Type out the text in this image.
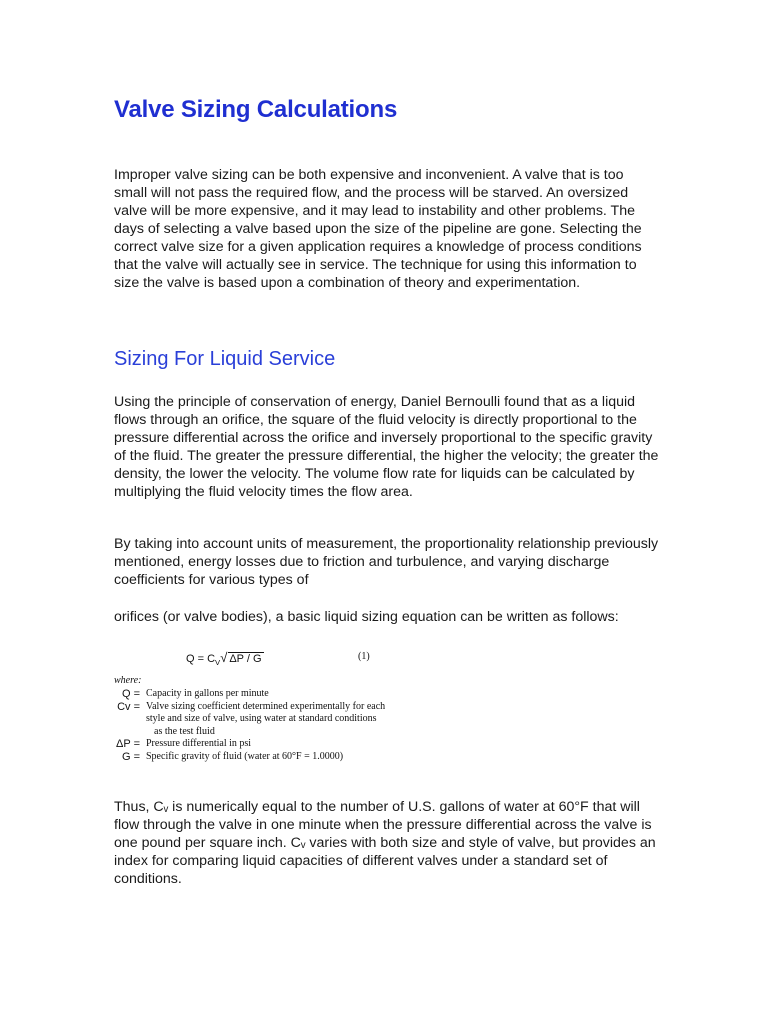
Valve Sizing Calculations

Improper valve sizing can be both expensive and inconvenient. A valve that is too small will not pass the required flow, and the process will be starved. An oversized valve will be more expensive, and it may lead to instability and other problems. The days of selecting a valve based upon the size of the pipeline are gone. Selecting the correct valve size for a given application requires a knowledge of process conditions that the valve will actually see in service. The technique for using this information to size the valve is based upon a combination of theory and experimentation.

Sizing For Liquid Service

Using the principle of conservation of energy, Daniel Bernoulli found that as a liquid flows through an orifice, the square of the fluid velocity is directly proportional to the pressure differential across the orifice and inversely proportional to the specific gravity of the fluid. The greater the pressure differential, the higher the velocity; the greater the density, the lower the velocity. The volume flow rate for liquids can be calculated by multiplying the fluid velocity times the flow area.

By taking into account units of measurement, the proportionality relationship previously mentioned, energy losses due to friction and turbulence, and varying discharge coefficients for various types of

orifices (or valve bodies), a basic liquid sizing equation can be written as follows:

$Q = C_V√$ ΔP / G	(1)
where:
Q = Capacity in gallons per minute
Cv = Valve sizing coefficient determined experimentally for each
style and size of valve, using water at standard conditions
as the test fluid
ΔP = Pressure differential in psi
G = Specific gravity of fluid (water at 60°F = 1.0000)

Thus, Cᵥ is numerically equal to the number of U.S. gallons of water at 60°F that will flow through the valve in one minute when the pressure differential across the valve is one pound per square inch. Cᵥ varies with both size and style of valve, but provides an index for comparing liquid capacities of different valves under a standard set of conditions.
